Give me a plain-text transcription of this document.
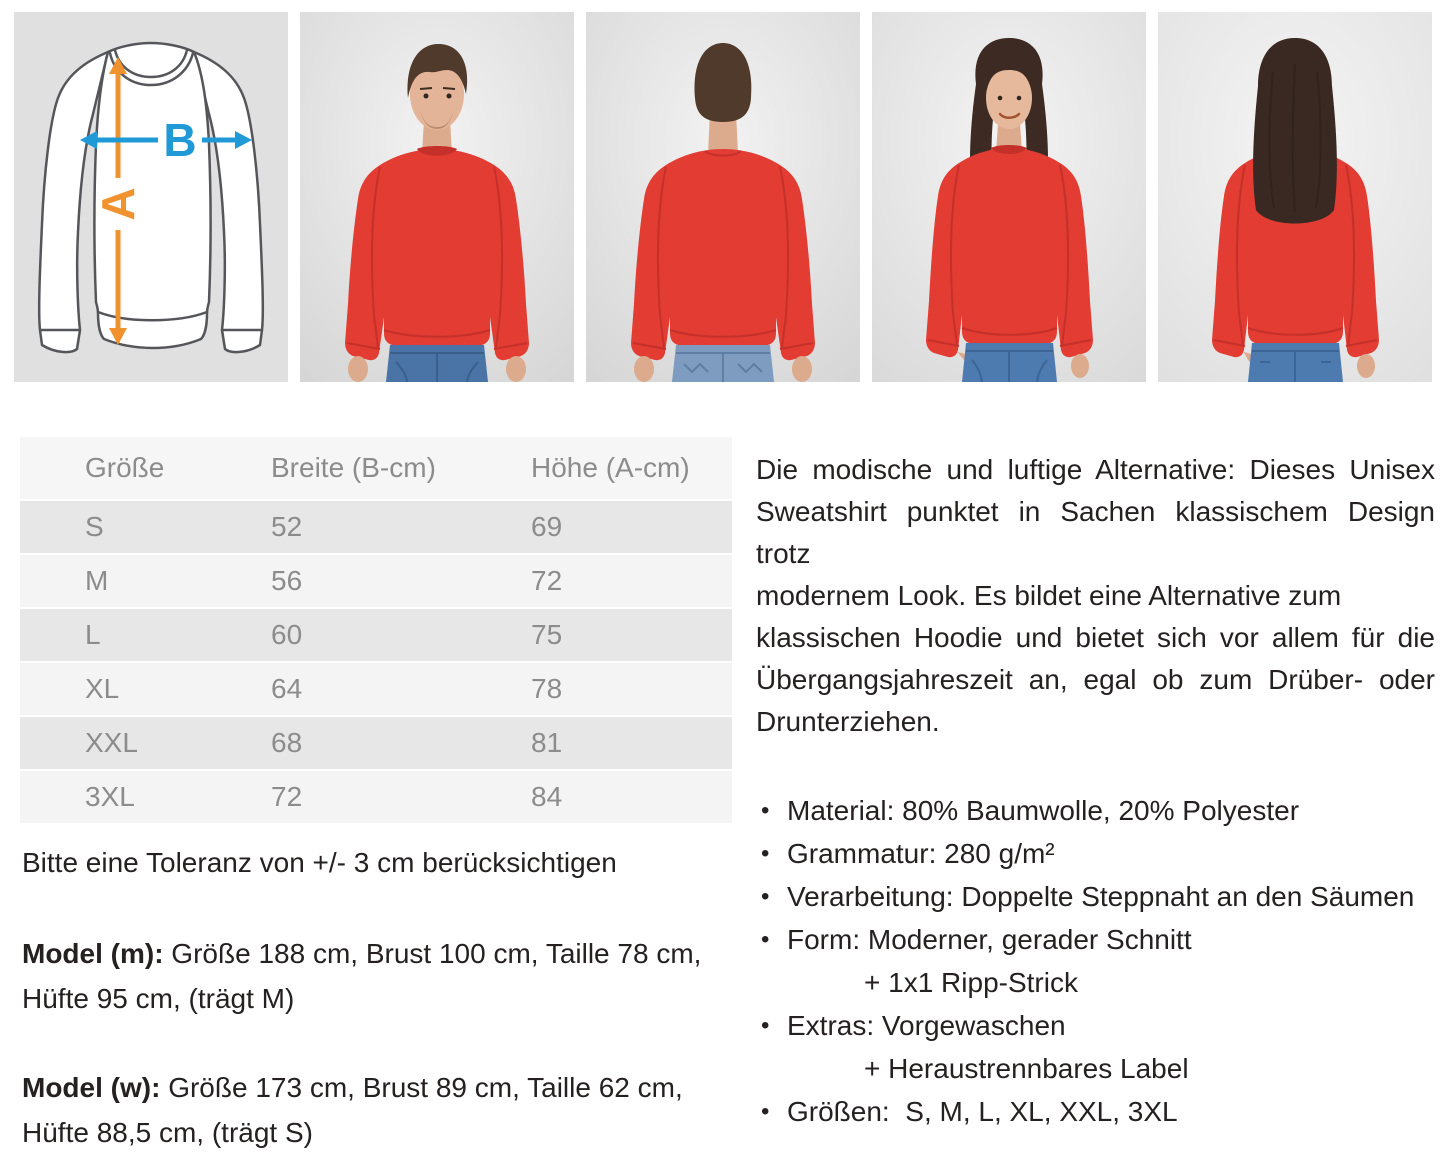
A
B
Größe	Breite (B-cm)	Höhe (A-cm)
S	52	69
M	56	72
L	60	75
XL	64	78
XXL	68	81
3XL	72	84

Bitte eine Toleranz von +/- 3 cm berücksichtigen

Model (m): Größe 188 cm, Brust 100 cm, Taille 78 cm,
Hüfte 95 cm, (trägt M)

Model (w): Größe 173 cm, Brust 89 cm, Taille 62 cm,
Hüfte 88,5 cm, (trägt S)

Die modische und luftige Alternative: Dieses Unisex
Sweatshirt punktet in Sachen klassischem Design trotz
modernem Look. Es bildet eine Alternative zum
klassischen Hoodie und bietet sich vor allem für die
Übergangsjahreszeit an, egal ob zum Drüber- oder
Drunterziehen.
• Material: 80% Baumwolle, 20% Polyester
• Grammatur: 280 g/m²
• Verarbeitung: Doppelte Steppnaht an den Säumen
• Form: Moderner, gerader Schnitt
+ 1x1 Ripp-Strick
• Extras: Vorgewaschen
+ Heraustrennbares Label
• Größen:  S, M, L, XL, XXL, 3XL
